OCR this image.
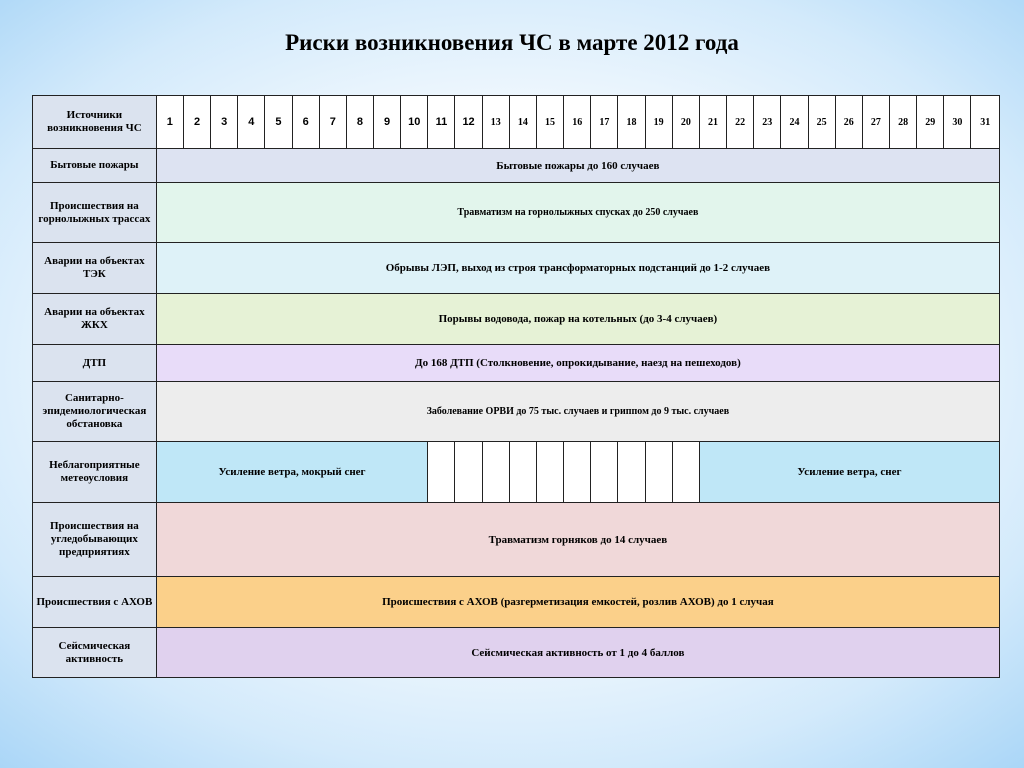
Риски возникновения ЧС в марте 2012 года
Источники возникновения ЧС	1	2	3	4	5	6	7	8	9	10	11	12	13	14	15	16	17	18	19	20	21	22	23	24	25	26	27	28	29	30	31
Бытовые пожары	Бытовые пожары до 160 случаев																														
Происшествия на горнолыжных трассах	Травматизм на горнолыжных спусках до 250 случаев																														
Аварии на объектах ТЭК	Обрывы ЛЭП, выход из строя трансформаторных подстанций до 1-2 случаев																														
Аварии на объектах ЖКХ	Порывы водовода, пожар на котельных (до 3-4 случаев)																														
ДТП	До 168 ДТП (Столкновение, опрокидывание, наезд на пешеходов)																														
Санитарно-эпидемиологическая обстановка	Заболевание ОРВИ до 75 тыс. случаев и гриппом до 9 тыс. случаев																														
Неблагоприятные метеоусловия	Усиление ветра, мокрый снег																				Усиление ветра, снег										
Происшествия на угледобывающих предприятиях	Травматизм горняков до 14 случаев																														
Происшествия с АХОВ	Происшествия с АХОВ (разгерметизация емкостей, розлив АХОВ) до 1 случая																														
Сейсмическая активность	Сейсмическая активность от 1 до 4 баллов																														
